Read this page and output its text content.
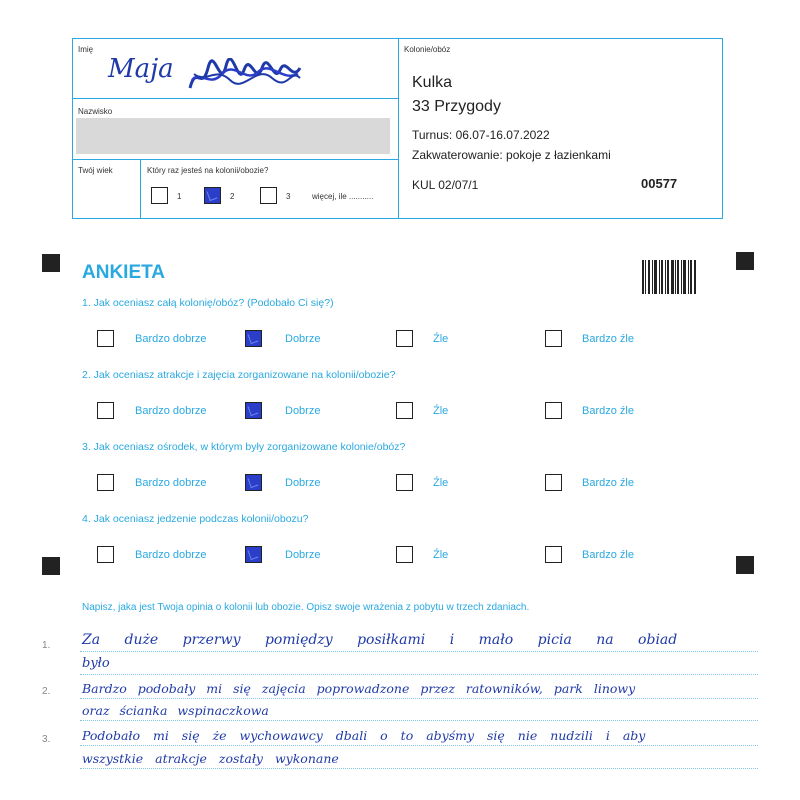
Imię
Maja
Nazwisko
Twój wiek	Który raz jesteś na kolonii/obozie?
1	2	3	więcej, ile ...........
Kolonie/obóz
Kulka
33 Przygody
Turnus: 06.07-16.07.2022
Zakwaterowanie: pokoje z łazienkami
KUL 02/07/1	00577
ANKIETA
1. Jak oceniasz całą kolonię/obóz? (Podobało Ci się?)
Bardzo dobrze	Dobrze	Źle	Bardzo źle
2. Jak oceniasz atrakcje i zajęcia zorganizowane na kolonii/obozie?
Bardzo dobrze	Dobrze	Źle	Bardzo źle
3. Jak oceniasz ośrodek, w którym były zorganizowane kolonie/obóz?
Bardzo dobrze	Dobrze	Źle	Bardzo źle
4. Jak oceniasz jedzenie podczas kolonii/obozu?
Bardzo dobrze	Dobrze	Źle	Bardzo źle
Napisz, jaka jest Twoja opinia o kolonii lub obozie. Opisz swoje wrażenia z pobytu w trzech zdaniach.
1.
2.
3.
Za duże przerwy pomiędzy posiłkami i mało picia na obiad
było
Bardzo podobały mi się zajęcia poprowadzone przez ratowników, park linowy
oraz ścianka wspinaczkowa
Podobało mi się że wychowawcy dbali o to abyśmy się nie nudzili i aby
wszystkie atrakcje zostały wykonane
